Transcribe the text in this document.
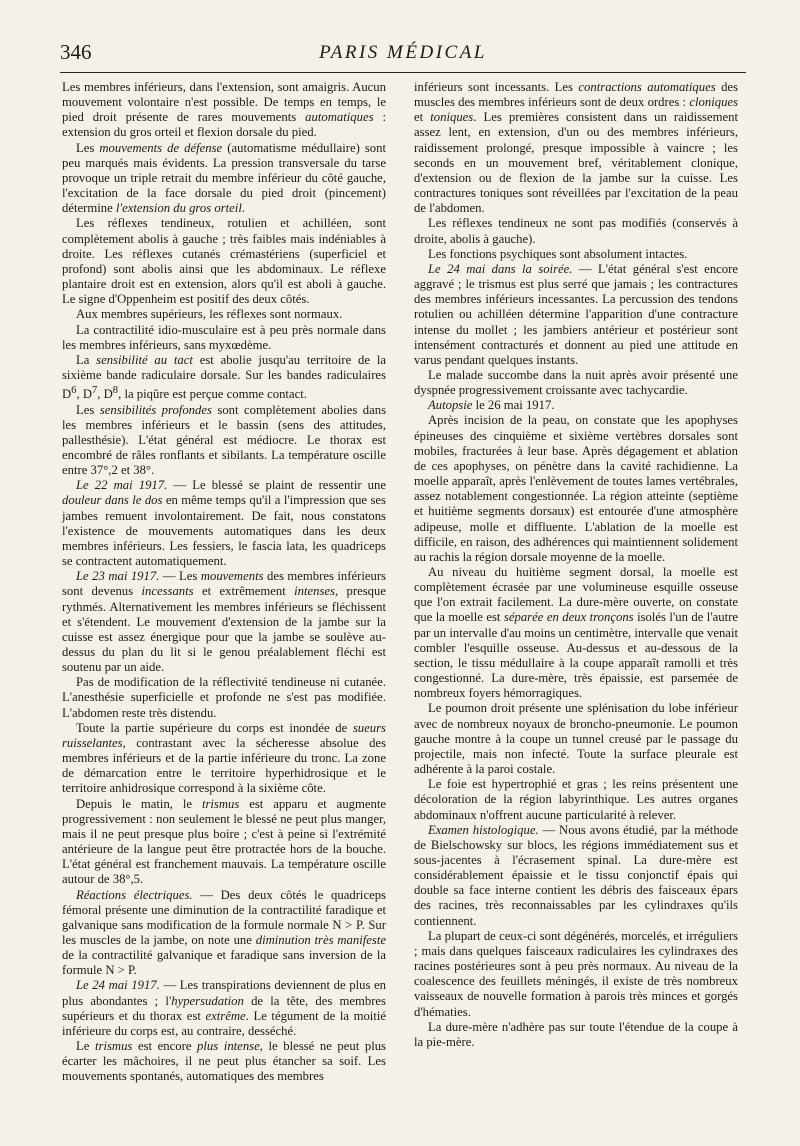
346	PARIS MÉDICAL

Les membres inférieurs, dans l'extension, sont amaigris. Aucun mouvement volontaire n'est possible. De temps en temps, le pied droit présente de rares mouvements automatiques : extension du gros orteil et flexion dorsale du pied.

Les mouvements de défense (automatisme médullaire) sont peu marqués mais évidents. La pression transversale du tarse provoque un triple retrait du membre inférieur du côté gauche, l'excitation de la face dorsale du pied droit (pincement) détermine l'extension du gros orteil.

Les réflexes tendineux, rotulien et achilléen, sont complètement abolis à gauche ; très faibles mais indéniables à droite. Les réflexes cutanés crémastériens (superficiel et profond) sont abolis ainsi que les abdominaux. Le réflexe plantaire droit est en extension, alors qu'il est aboli à gauche. Le signe d'Oppenheim est positif des deux côtés.

Aux membres supérieurs, les réflexes sont normaux.

La contractilité idio-musculaire est à peu près normale dans les membres inférieurs, sans myxœdème.

La sensibilité au tact est abolie jusqu'au territoire de la sixième bande radiculaire dorsale. Sur les bandes radiculaires $D^6$, $D^7$, $D^8$, la piqûre est perçue comme contact.

Les sensibilités profondes sont complètement abolies dans les membres inférieurs et le bassin (sens des attitudes, pallesthésie). L'état général est médiocre. Le thorax est encombré de râles ronflants et sibilants. La température oscille entre 37°,2 et 38°.

Le 22 mai 1917. — Le blessé se plaint de ressentir une douleur dans le dos en même temps qu'il a l'impression que ses jambes remuent involontairement. De fait, nous constatons l'existence de mouvements automatiques dans les deux membres inférieurs. Les fessiers, le fascia lata, les quadriceps se contractent automatiquement.

Le 23 mai 1917. — Les mouvements des membres inférieurs sont devenus incessants et extrêmement intenses, presque rythmés. Alternativement les membres inférieurs se fléchissent et s'étendent. Le mouvement d'extension de la jambe sur la cuisse est assez énergique pour que la jambe se soulève au-dessus du plan du lit si le genou préalablement fléchi est soutenu par un aide.

Pas de modification de la réflectivité tendineuse ni cutanée. L'anesthésie superficielle et profonde ne s'est pas modifiée. L'abdomen reste très distendu.

Toute la partie supérieure du corps est inondée de sueurs ruisselantes, contrastant avec la sécheresse absolue des membres inférieurs et de la partie inférieure du tronc. La zone de démarcation entre le territoire hyperhidrosique et le territoire anhidrosique correspond à la sixième côte.

Depuis le matin, le trismus est apparu et augmente progressivement : non seulement le blessé ne peut plus manger, mais il ne peut presque plus boire ; c'est à peine si l'extrémité antérieure de la langue peut être protractée hors de la bouche. L'état général est franchement mauvais. La température oscille autour de 38°,5.

Réactions électriques. — Des deux côtés le quadriceps fémoral présente une diminution de la contractilité faradique et galvanique sans modification de la formule normale N > P. Sur les muscles de la jambe, on note une diminution très manifeste de la contractilité galvanique et faradique sans inversion de la formule N > P.

Le 24 mai 1917. — Les transpirations deviennent de plus en plus abondantes ; l'hypersudation de la tête, des membres supérieurs et du thorax est extrême. Le tégument de la moitié inférieure du corps est, au contraire, desséché.

Le trismus est encore plus intense, le blessé ne peut plus écarter les mâchoires, il ne peut plus étancher sa soif. Les mouvements spontanés, automatiques des membres

inférieurs sont incessants. Les contractions automatiques des muscles des membres inférieurs sont de deux ordres : cloniques et toniques. Les premières consistent dans un raidissement assez lent, en extension, d'un ou des membres inférieurs, raidissement prolongé, presque impossible à vaincre ; les seconds en un mouvement bref, véritablement clonique, d'extension ou de flexion de la jambe sur la cuisse. Les contractures toniques sont réveillées par l'excitation de la peau de l'abdomen.

Les réflexes tendineux ne sont pas modifiés (conservés à droite, abolis à gauche).

Les fonctions psychiques sont absolument intactes.

Le 24 mai dans la soirée. — L'état général s'est encore aggravé ; le trismus est plus serré que jamais ; les contractures des membres inférieurs incessantes. La percussion des tendons rotulien ou achilléen détermine l'apparition d'une contracture intense du mollet ; les jambiers antérieur et postérieur sont intensément contracturés et donnent au pied une attitude en varus pendant quelques instants.

Le malade succombe dans la nuit après avoir présenté une dyspnée progressivement croissante avec tachycardie.

Autopsie le 26 mai 1917.

Après incision de la peau, on constate que les apophyses épineuses des cinquième et sixième vertèbres dorsales sont mobiles, fracturées à leur base. Après dégagement et ablation de ces apophyses, on pénètre dans la cavité rachidienne. La moelle apparaît, après l'enlèvement de toutes lames vertébrales, assez notablement congestionnée. La région atteinte (septième et huitième segments dorsaux) est entourée d'une atmosphère adipeuse, molle et diffluente. L'ablation de la moelle est difficile, en raison, des adhérences qui maintiennent solidement au rachis la région dorsale moyenne de la moelle.

Au niveau du huitième segment dorsal, la moelle est complètement écrasée par une volumineuse esquille osseuse que l'on extrait facilement. La dure-mère ouverte, on constate que la moelle est séparée en deux tronçons isolés l'un de l'autre par un intervalle d'au moins un centimètre, intervalle que venait combler l'esquille osseuse. Au-dessus et au-dessous de la section, le tissu médullaire à la coupe apparaît ramolli et très congestionné. La dure-mère, très épaissie, est parsemée de nombreux foyers hémorragiques.

Le poumon droit présente une splénisation du lobe inférieur avec de nombreux noyaux de broncho-pneumonie. Le poumon gauche montre à la coupe un tunnel creusé par le passage du projectile, mais non infecté. Toute la surface pleurale est adhérente à la paroi costale.

Le foie est hypertrophié et gras ; les reins présentent une décoloration de la région labyrinthique. Les autres organes abdominaux n'offrent aucune particularité à relever.

Examen histologique. — Nous avons étudié, par la méthode de Bielschowsky sur blocs, les régions immédiatement sus et sous-jacentes à l'écrasement spinal. La dure-mère est considérablement épaissie et le tissu conjonctif épais qui double sa face interne contient les débris des faisceaux épars des racines, très reconnaissables par les cylindraxes qu'ils contiennent.

La plupart de ceux-ci sont dégénérés, morcelés, et irréguliers ; mais dans quelques faisceaux radiculaires les cylindraxes des racines postérieures sont à peu près normaux. Au niveau de la coalescence des feuillets méningés, il existe de très nombreux vaisseaux de nouvelle formation à parois très minces et gorgés d'hématies.

La dure-mère n'adhère pas sur toute l'étendue de la coupe à la pie-mère.
